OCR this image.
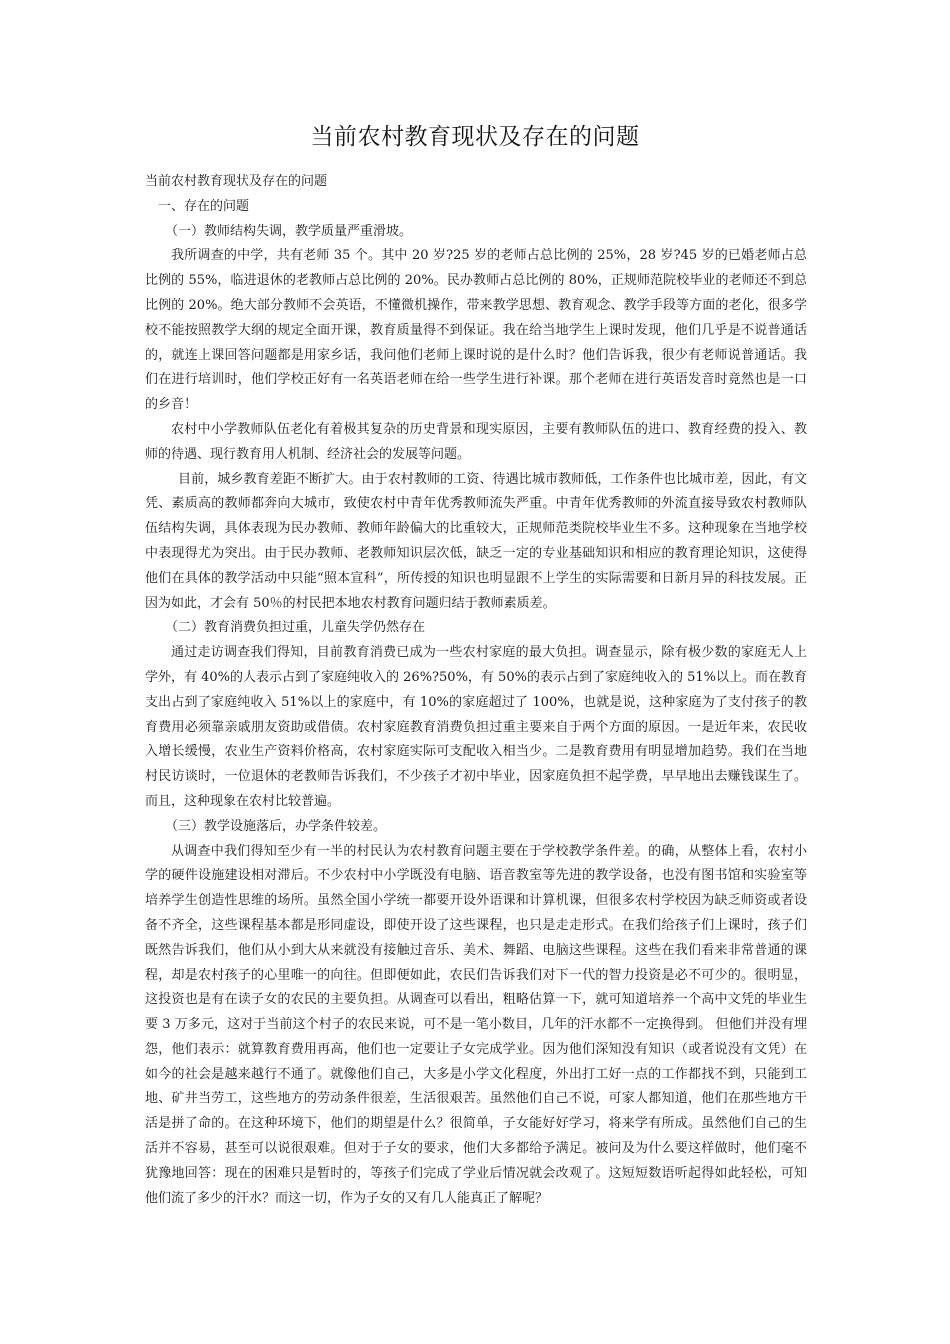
当前农村教育现状及存在的问题

当前农村教育现状及存在的问题

一、存在的问题

（一）教师结构失调，教学质量严重滑坡。

我所调查的中学，共有老师 35 个。其中 20 岁?25 岁的老师占总比例的 25%，28 岁?45 岁的已婚老师占总比例的 55%，临进退休的老教师占总比例的 20%。民办教师占总比例的 80%，正规师范院校毕业的老师还不到总比例的 20%。绝大部分教师不会英语，不懂微机操作，带来教学思想、教育观念、教学手段等方面的老化，很多学校不能按照教学大纲的规定全面开课，教育质量得不到保证。我在给当地学生上课时发现，他们几乎是不说普通话的，就连上课回答问题都是用家乡话，我问他们老师上课时说的是什么时？他们告诉我，很少有老师说普通话。我们在进行培训时，他们学校正好有一名英语老师在给一些学生进行补课。那个老师在进行英语发音时竟然也是一口的乡音！

农村中小学教师队伍老化有着极其复杂的历史背景和现实原因，主要有教师队伍的进口、教育经费的投入、教师的待遇、现行教育用人机制、经济社会的发展等问题。

目前，城乡教育差距不断扩大。由于农村教师的工资、待遇比城市教师低，工作条件也比城市差，因此，有文凭、素质高的教师都奔向大城市，致使农村中青年优秀教师流失严重。中青年优秀教师的外流直接导致农村教师队伍结构失调，具体表现为民办教师、教师年龄偏大的比重较大，正规师范类院校毕业生不多。这种现象在当地学校中表现得尤为突出。由于民办教师、老教师知识层次低，缺乏一定的专业基础知识和相应的教育理论知识，这使得他们在具体的教学活动中只能“照本宣科”，所传授的知识也明显跟不上学生的实际需要和日新月异的科技发展。正因为如此，才会有 50％的村民把本地农村教育问题归结于教师素质差。

（二）教育消费负担过重，儿童失学仍然存在

通过走访调查我们得知，目前教育消费已成为一些农村家庭的最大负担。调查显示，除有极少数的家庭无人上学外，有 40%的人表示占到了家庭纯收入的 26%?50%，有 50%的表示占到了家庭纯收入的 51%以上。而在教育支出占到了家庭纯收入 51%以上的家庭中，有 10%的家庭超过了 100%，也就是说，这种家庭为了支付孩子的教育费用必须靠亲戚朋友资助或借债。农村家庭教育消费负担过重主要来自于两个方面的原因。一是近年来，农民收入增长缓慢，农业生产资料价格高，农村家庭实际可支配收入相当少。二是教育费用有明显增加趋势。我们在当地村民访谈时，一位退休的老教师告诉我们，不少孩子才初中毕业，因家庭负担不起学费，早早地出去赚钱谋生了。而且，这种现象在农村比较普遍。

（三）教学设施落后，办学条件较差。

从调查中我们得知至少有一半的村民认为农村教育问题主要在于学校教学条件差。的确，从整体上看，农村小学的硬件设施建设相对滞后。不少农村中小学既没有电脑、语音教室等先进的教学设备，也没有图书馆和实验室等培养学生创造性思维的场所。虽然全国小学统一都要开设外语课和计算机课，但很多农村学校因为缺乏师资或者设备不齐全，这些课程基本都是形同虚设，即使开设了这些课程，也只是走走形式。在我们给孩子们上课时，孩子们既然告诉我们，他们从小到大从来就没有接触过音乐、美术、舞蹈、电脑这些课程。这些在我们看来非常普通的课程，却是农村孩子的心里唯一的向往。但即便如此，农民们告诉我们对下一代的智力投资是必不可少的。很明显，这投资也是有在读子女的农民的主要负担。从调查可以看出，粗略估算一下，就可知道培养一个高中文凭的毕业生要 3 万多元，这对于当前这个村子的农民来说，可不是一笔小数目，几年的汗水都不一定换得到。 但他们并没有埋怨，他们表示：就算教育费用再高，他们也一定要让子女完成学业。因为他们深知没有知识（或者说没有文凭）在如今的社会是越来越行不通了。就像他们自己，大多是小学文化程度，外出打工好一点的工作都找不到，只能到工地、矿井当劳工，这些地方的劳动条件很差，生活很艰苦。虽然他们自己不说，可家人都知道，他们在那些地方干活是拼了命的。在这种环境下，他们的期望是什么？很简单，子女能好好学习，将来学有所成。虽然他们自己的生活并不容易，甚至可以说很艰难。但对于子女的要求，他们大多都给予满足。被问及为什么要这样做时，他们毫不犹豫地回答：现在的困难只是暂时的，等孩子们完成了学业后情况就会改观了。这短短数语听起得如此轻松，可知他们流了多少的汗水？而这一切，作为子女的又有几人能真正了解呢？
